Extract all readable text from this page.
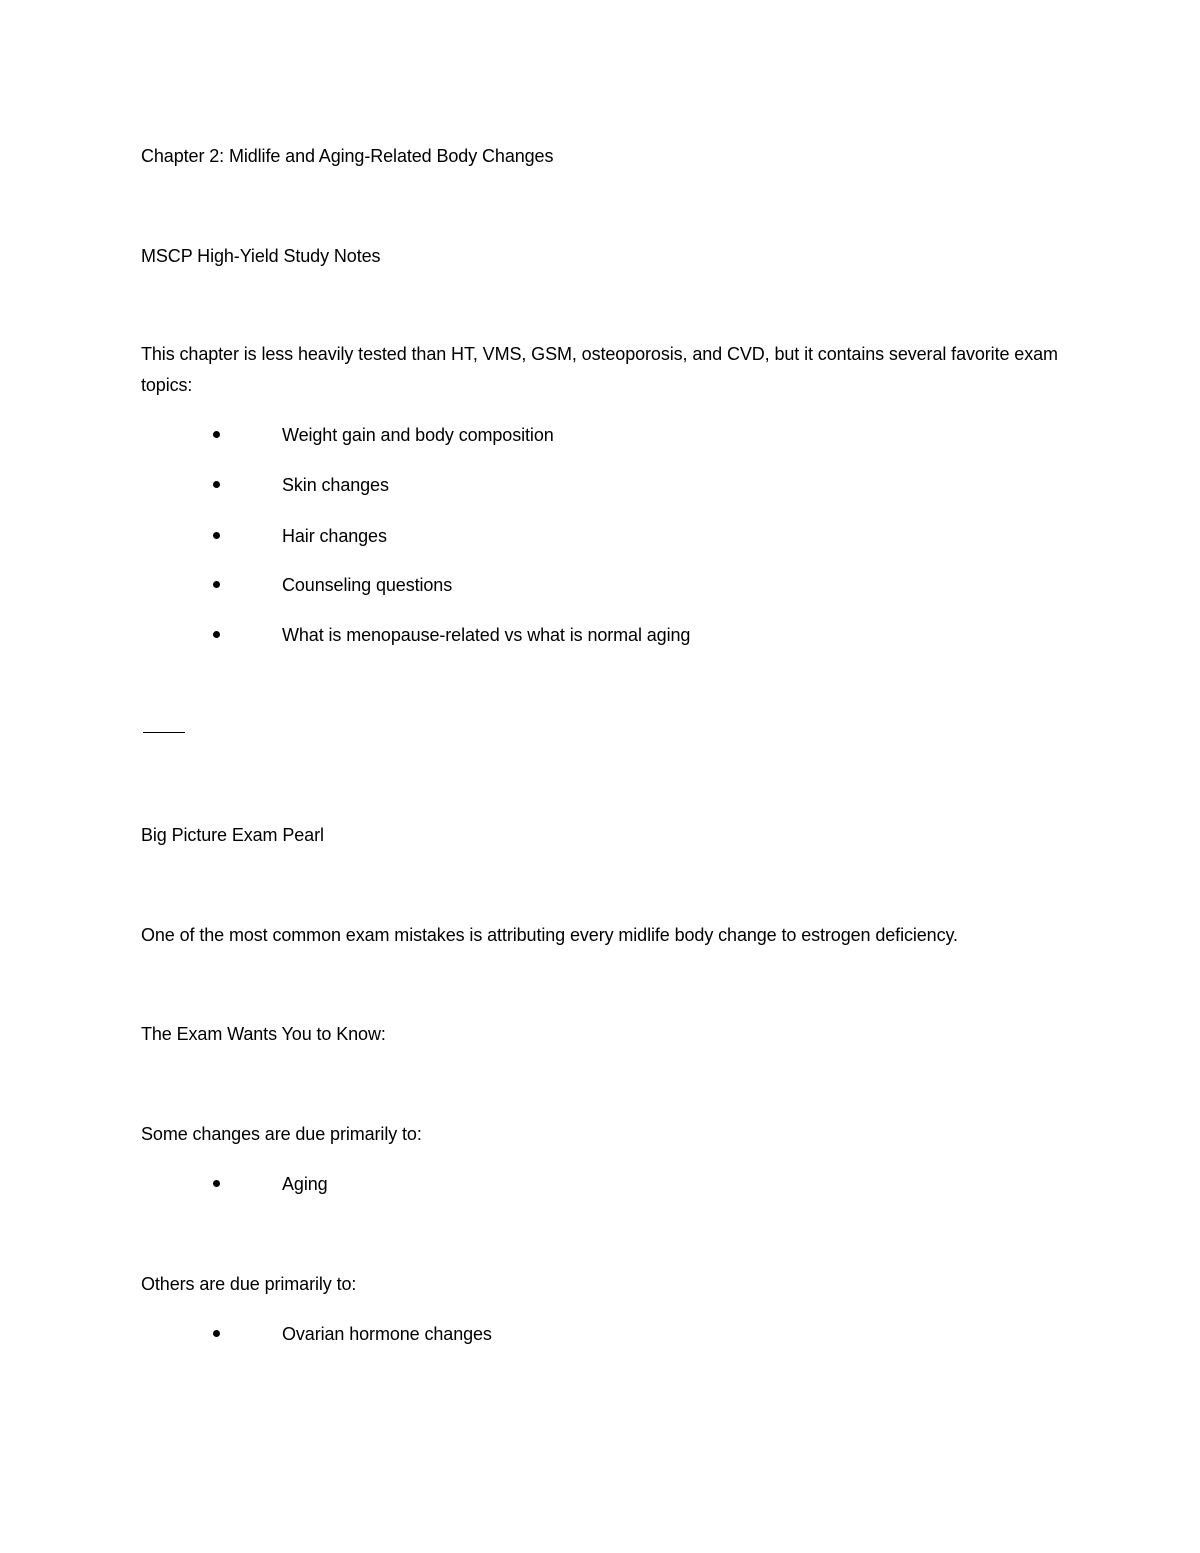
Chapter 2: Midlife and Aging-Related Body Changes
MSCP High-Yield Study Notes
This chapter is less heavily tested than HT, VMS, GSM, osteoporosis, and CVD, but it contains several favorite exam topics:
Weight gain and body composition
Skin changes
Hair changes
Counseling questions
What is menopause-related vs what is normal aging
Big Picture Exam Pearl
One of the most common exam mistakes is attributing every midlife body change to estrogen deficiency.
The Exam Wants You to Know:
Some changes are due primarily to:
Aging
Others are due primarily to:
Ovarian hormone changes
